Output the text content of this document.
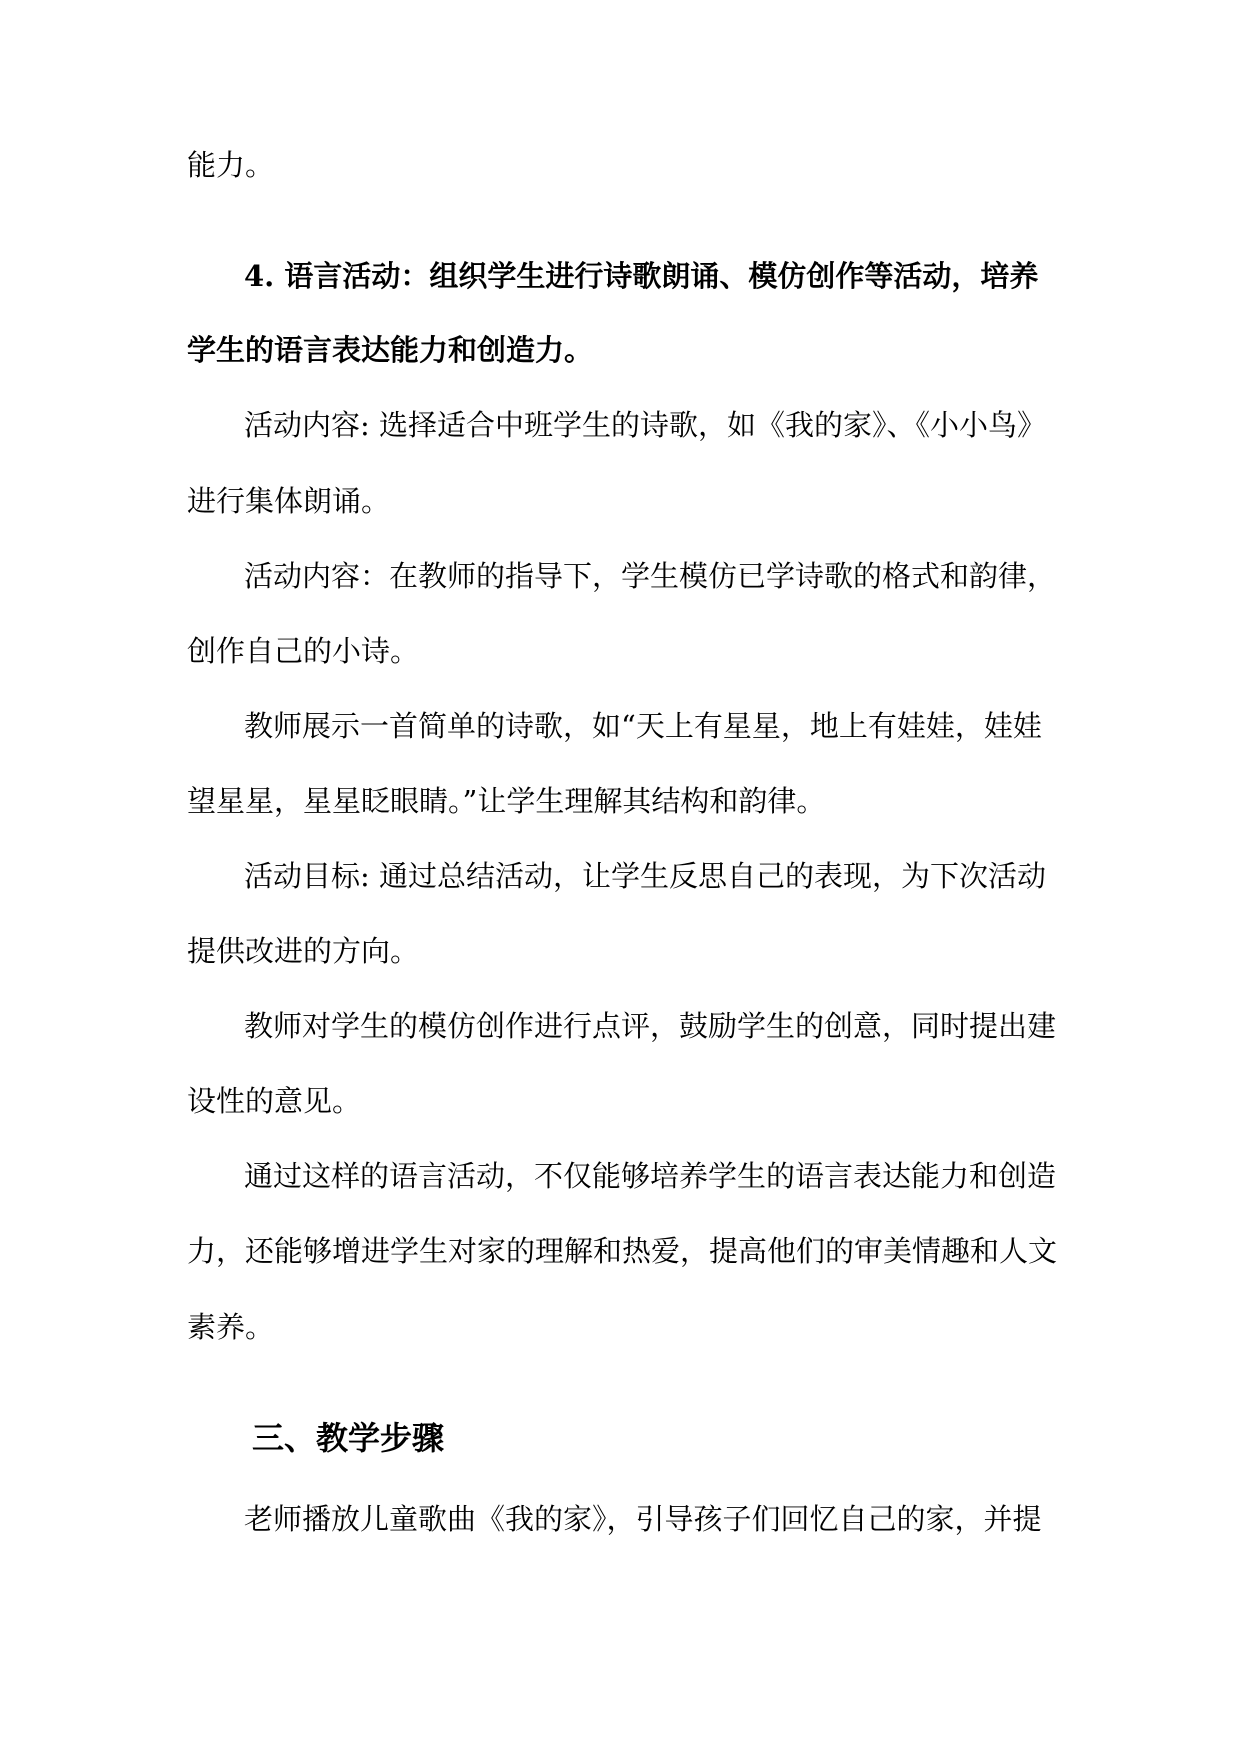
能力。

4. 语言活动：组织学生进行诗歌朗诵、模仿创作等活动，培养

学生的语言表达能力和创造力。

活动内容: 选择适合中班学生的诗歌，如《我的家》、《小小鸟》

进行集体朗诵。

活动内容：在教师的指导下，学生模仿已学诗歌的格式和韵律，

创作自己的小诗。

教师展示一首简单的诗歌，如“天上有星星，地上有娃娃，娃娃

望星星，星星眨眼睛。”让学生理解其结构和韵律。

活动目标: 通过总结活动，让学生反思自己的表现，为下次活动

提供改进的方向。

教师对学生的模仿创作进行点评，鼓励学生的创意，同时提出建

设性的意见。

通过这样的语言活动，不仅能够培养学生的语言表达能力和创造

力，还能够增进学生对家的理解和热爱，提高他们的审美情趣和人文

素养。

三、教学步骤

老师播放儿童歌曲《我的家》，引导孩子们回忆自己的家，并提
